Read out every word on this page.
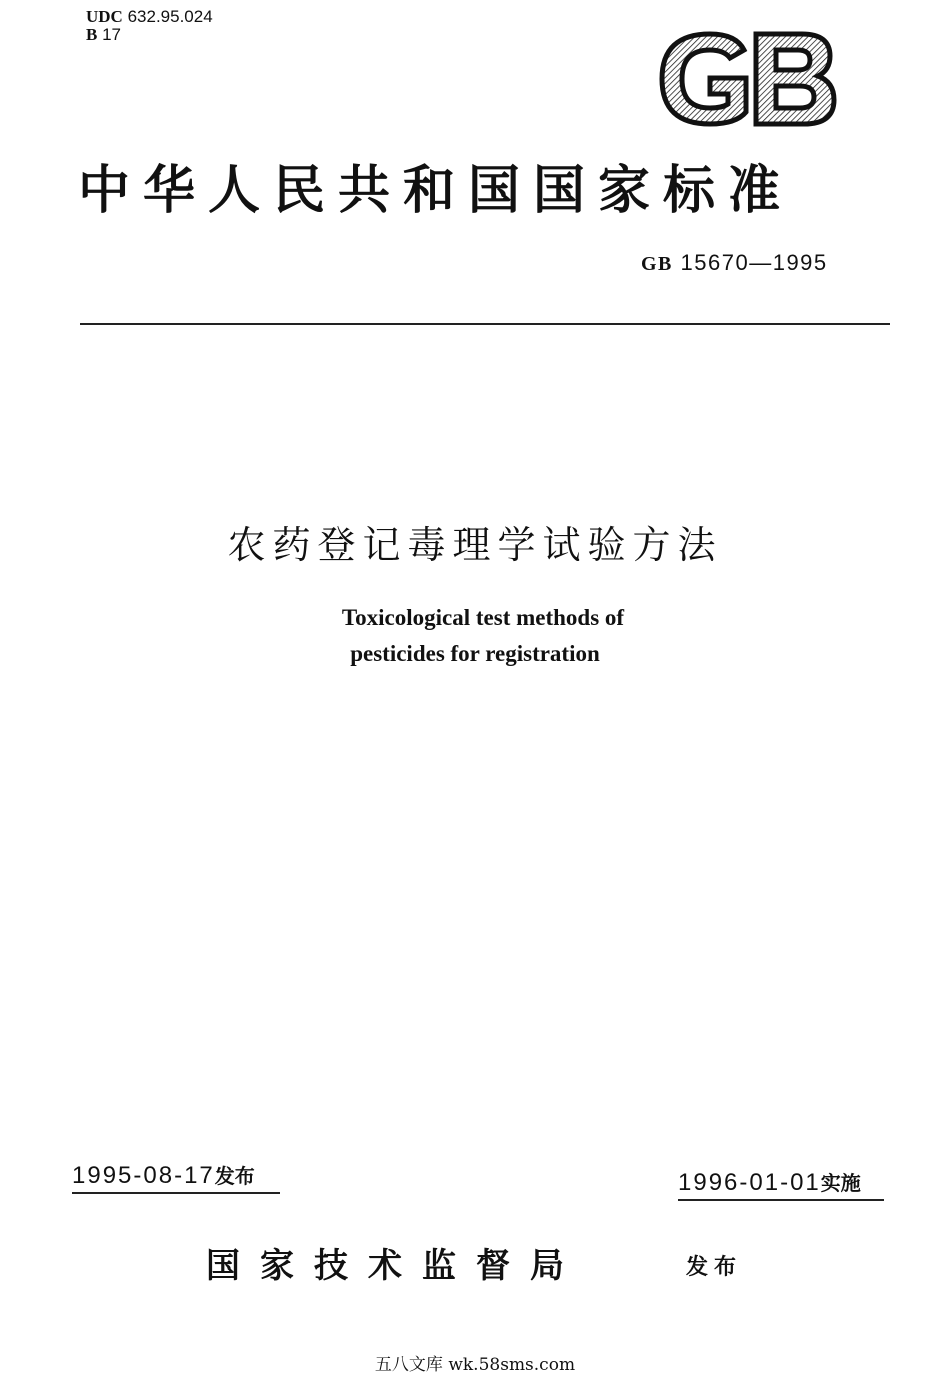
UDC 632.95.024
B 17
中华人民共和国国家标准
GB 15670—1995
农药登记毒理学试验方法
Toxicological test methods of
pesticides for registration
1995-08-17发布	1996-01-01实施
国家技术监督局	发布
五八文库 wk.58sms.com
